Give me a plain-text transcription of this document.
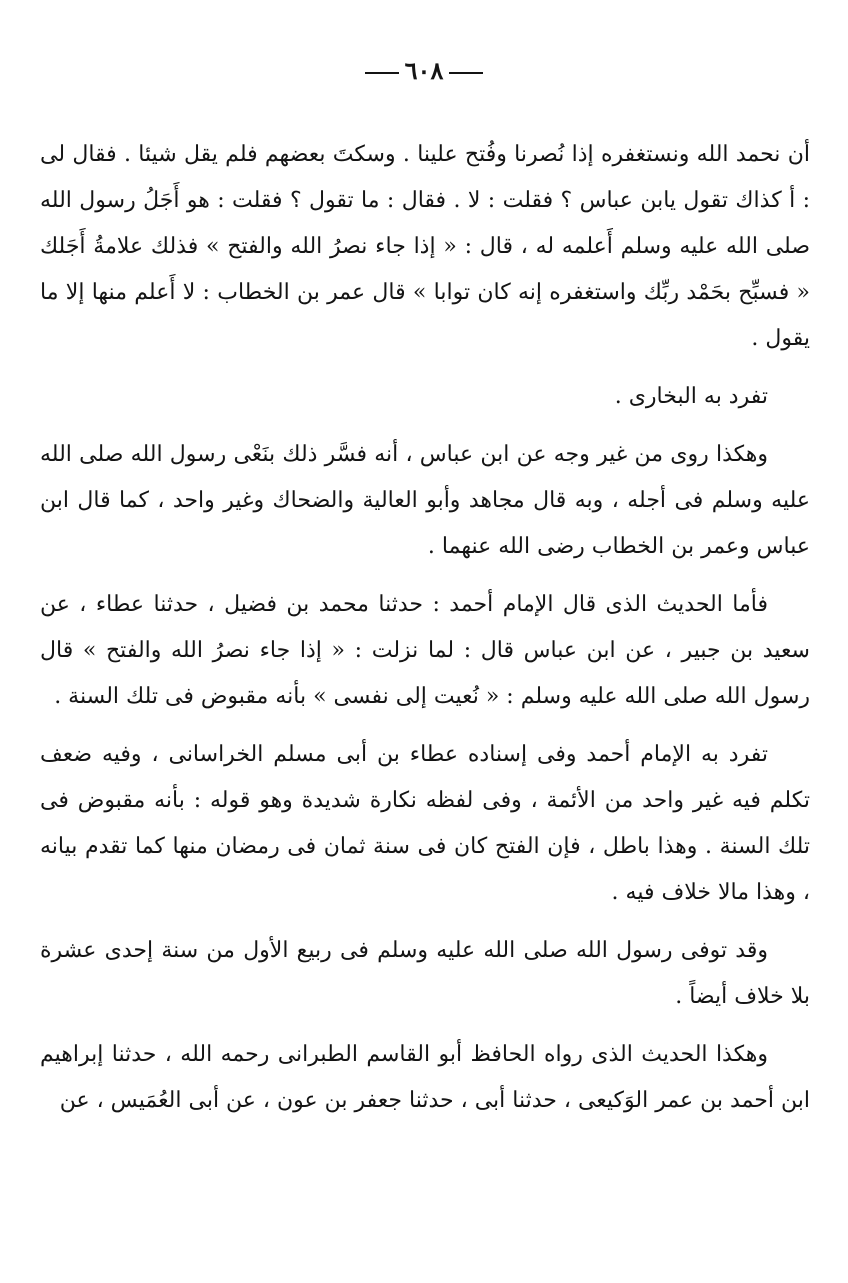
٦٠٨

أن نحمد الله ونستغفره إذا نُصرنا وفُتح علينا . وسكتَ بعضهم فلم يقل شيئا . فقال لى : أ كذاك تقول يابن عباس ؟ فقلت : لا . فقال : ما تقول ؟ فقلت : هو أَجَلُ رسول الله صلى الله عليه وسلم أَعلمه له ، قال : « إذا جاء نصرُ الله والفتح » فذلك علامةُ أَجَلك « فسبِّح بحَمْد ربِّك واستغفره إنه كان توابا » قال عمر بن الخطاب : لا أَعلم منها إلا ما يقول .

تفرد به البخارى .

وهكذا روى من غير وجه عن ابن عباس ، أنه فسَّر ذلك بنَعْى رسول الله صلى الله عليه وسلم فى أجله ، وبه قال مجاهد وأبو العالية والضحاك وغير واحد ، كما قال ابن عباس وعمر بن الخطاب رضى الله عنهما .

فأما الحديث الذى قال الإمام أحمد : حدثنا محمد بن فضيل ، حدثنا عطاء ، عن سعيد بن جبير ، عن ابن عباس قال : لما نزلت : « إذا جاء نصرُ الله والفتح » قال رسول الله صلى الله عليه وسلم : « نُعيت إلى نفسى » بأنه مقبوض فى تلك السنة .

تفرد به الإمام أحمد وفى إسناده عطاء بن أبى مسلم الخراسانى ، وفيه ضعف تكلم فيه غير واحد من الأئمة ، وفى لفظه نكارة شديدة وهو قوله : بأنه مقبوض فى تلك السنة . وهذا باطل ، فإن الفتح كان فى سنة ثمان فى رمضان منها كما تقدم بيانه ، وهذا مالا خلاف فيه .

وقد توفى رسول الله صلى الله عليه وسلم فى ربيع الأول من سنة إحدى عشرة بلا خلاف أيضاً .

وهكذا الحديث الذى رواه الحافظ أبو القاسم الطبرانى رحمه الله ، حدثنا إبراهيم ابن أحمد بن عمر الوَكيعى ، حدثنا أبى ، حدثنا جعفر بن عون ، عن أبى العُمَيس ، عن
